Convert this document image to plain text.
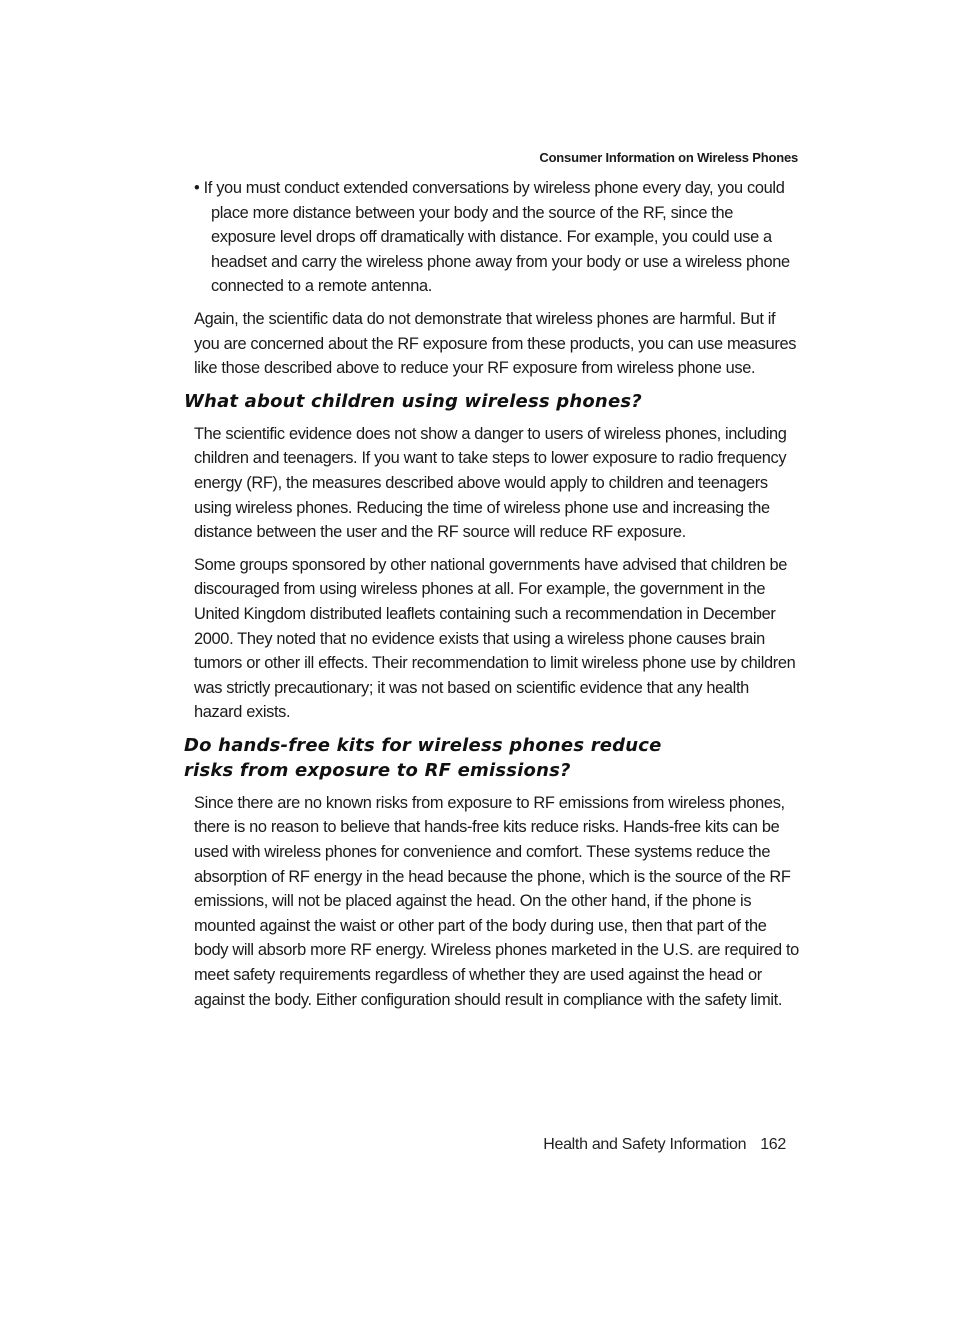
Consumer Information on Wireless Phones

• If you must conduct extended conversations by wireless phone every day, you could place more distance between your body and the source of the RF, since the exposure level drops off dramatically with distance. For example, you could use a headset and carry the wireless phone away from your body or use a wireless phone connected to a remote antenna.

Again, the scientific data do not demonstrate that wireless phones are harmful. But if you are concerned about the RF exposure from these products, you can use measures like those described above to reduce your RF exposure from wireless phone use.

What about children using wireless phones?

The scientific evidence does not show a danger to users of wireless phones, including children and teenagers. If you want to take steps to lower exposure to radio frequency energy (RF), the measures described above would apply to children and teenagers using wireless phones. Reducing the time of wireless phone use and increasing the distance between the user and the RF source will reduce RF exposure.

Some groups sponsored by other national governments have advised that children be discouraged from using wireless phones at all. For example, the government in the United Kingdom distributed leaflets containing such a recommendation in December 2000. They noted that no evidence exists that using a wireless phone causes brain tumors or other ill effects. Their recommendation to limit wireless phone use by children was strictly precautionary; it was not based on scientific evidence that any health hazard exists.

Do hands-free kits for wireless phones reduce
risks from exposure to RF emissions?

Since there are no known risks from exposure to RF emissions from wireless phones, there is no reason to believe that hands-free kits reduce risks. Hands-free kits can be used with wireless phones for convenience and comfort. These systems reduce the absorption of RF energy in the head because the phone, which is the source of the RF emissions, will not be placed against the head. On the other hand, if the phone is mounted against the waist or other part of the body during use, then that part of the body will absorb more RF energy. Wireless phones marketed in the U.S. are required to meet safety requirements regardless of whether they are used against the head or against the body. Either configuration should result in compliance with the safety limit.

Health and Safety Information 162
